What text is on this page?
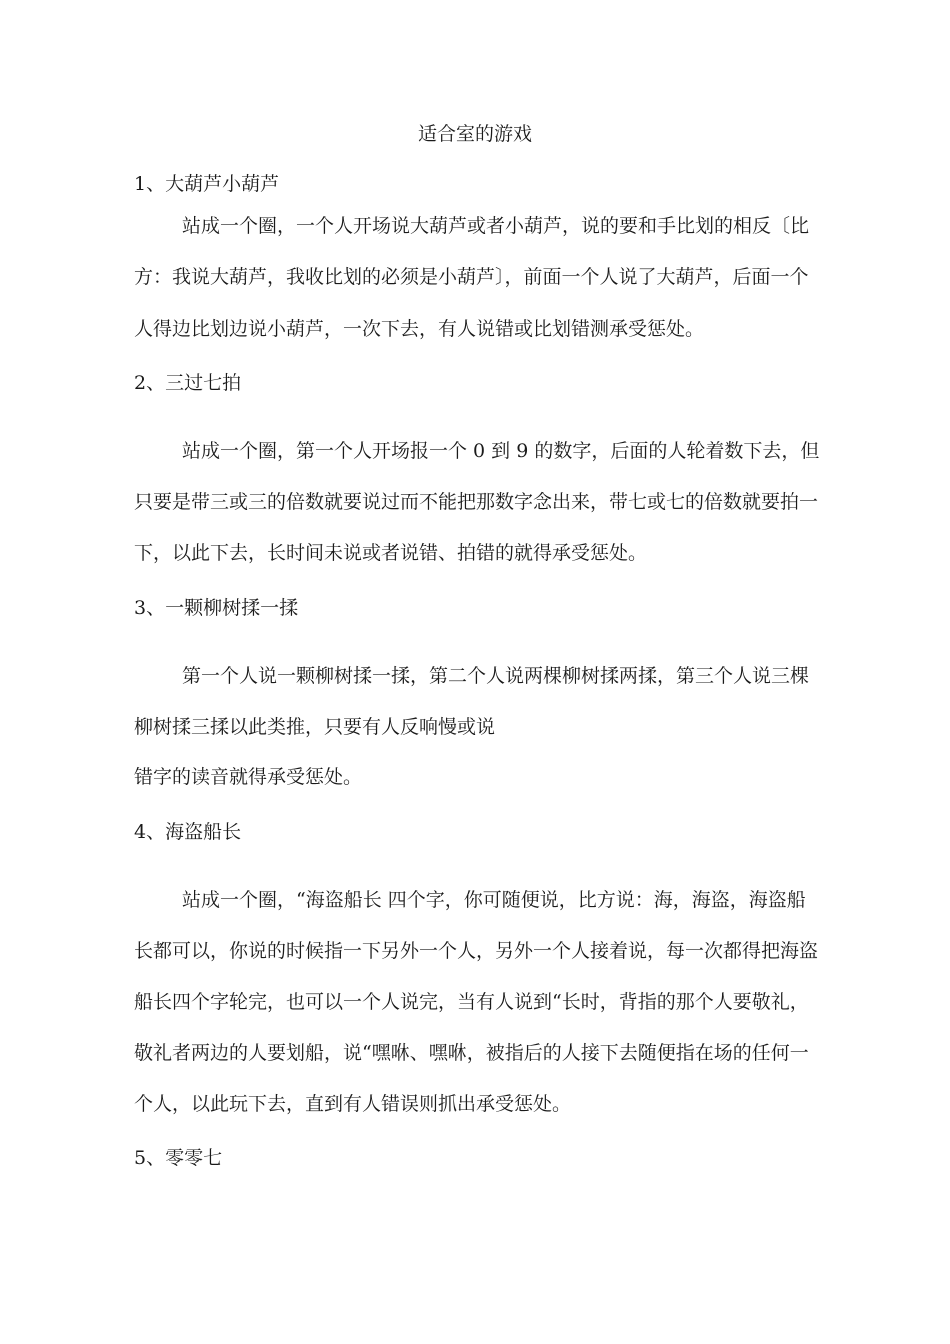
适合室的游戏
1、大葫芦小葫芦
站成一个圈，一个人开场说大葫芦或者小葫芦，说的要和手比划的相反〔比
方：我说大葫芦，我收比划的必须是小葫芦〕，前面一个人说了大葫芦，后面一个
人得边比划边说小葫芦，一次下去，有人说错或比划错测承受惩处。
2、三过七拍
站成一个圈，第一个人开场报一个 0 到 9 的数字，后面的人轮着数下去，但
只要是带三或三的倍数就要说过而不能把那数字念出来，带七或七的倍数就要拍一
下，以此下去，长时间未说或者说错、拍错的就得承受惩处。
3、一颗柳树揉一揉
第一个人说一颗柳树揉一揉，第二个人说两棵柳树揉两揉，第三个人说三棵
柳树揉三揉以此类推，只要有人反响慢或说
错字的读音就得承受惩处。
4、海盗船长
站成一个圈，“海盗船长 四个字，你可随便说，比方说：海，海盗，海盗船
长都可以，你说的时候指一下另外一个人，另外一个人接着说，每一次都得把海盗
船长四个字轮完，也可以一个人说完，当有人说到“长时，背指的那个人要敬礼，
敬礼者两边的人要划船，说“嘿咻、嘿咻，被指后的人接下去随便指在场的任何一
个人，以此玩下去，直到有人错误则抓出承受惩处。
5、零零七
